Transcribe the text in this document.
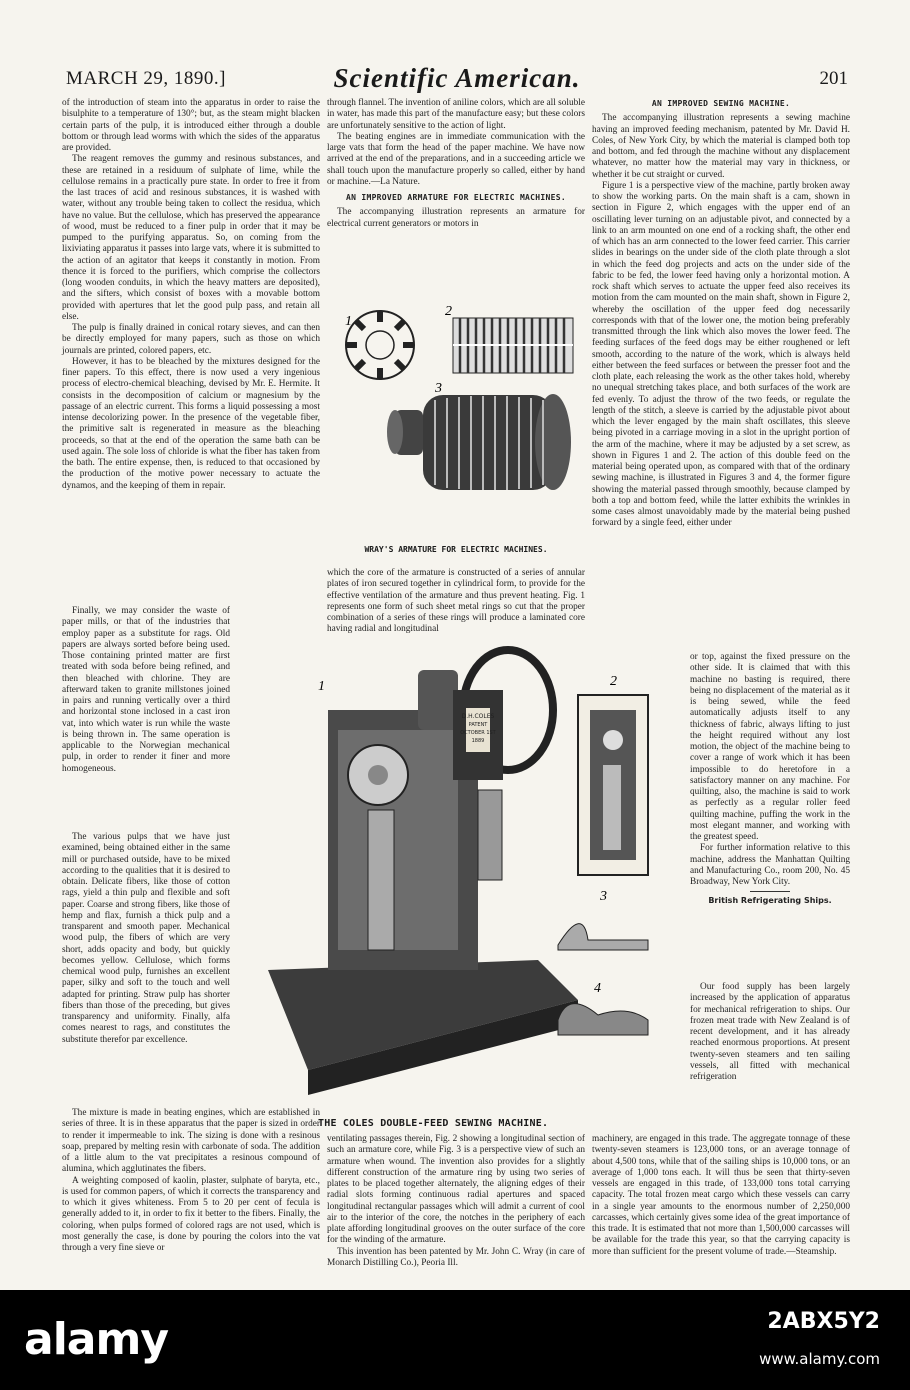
MARCH 29, 1890.]	Scientific American.	201

of the introduction of steam into the apparatus in order to raise the bisulphite to a temperature of 130°; but, as the steam might blacken certain parts of the pulp, it is introduced either through a double bottom or through lead worms with which the sides of the apparatus are provided.

The reagent removes the gummy and resinous substances, and these are retained in a residuum of sulphate of lime, while the cellulose remains in a practically pure state. In order to free it from the last traces of acid and resinous substances, it is washed with water, without any trouble being taken to collect the residua, which have no value. But the cellulose, which has preserved the appearance of wood, must be reduced to a finer pulp in order that it may be pumped to the purifying apparatus. So, on coming from the lixiviating apparatus it passes into large vats, where it is submitted to the action of an agitator that keeps it constantly in motion. From thence it is forced to the purifiers, which comprise the collectors (long wooden conduits, in which the heavy matters are deposited), and the sifters, which consist of boxes with a movable bottom provided with apertures that let the good pulp pass, and retain all else.

The pulp is finally drained in conical rotary sieves, and can then be directly employed for many papers, such as those on which journals are printed, colored papers, etc.

However, it has to be bleached by the mixtures designed for the finer papers. To this effect, there is now used a very ingenious process of electro-chemical bleaching, devised by Mr. E. Hermite. It consists in the decomposition of calcium or magnesium by the passage of an electric current. This forms a liquid possessing a most intense decolorizing power. In the presence of the vegetable fiber, the primitive salt is regenerated in measure as the bleaching proceeds, so that at the end of the operation the same bath can be used again. The sole loss of chloride is what the fiber has taken from the bath. The entire expense, then, is reduced to that occasioned by the production of the motive power necessary to actuate the dynamos, and the keeping of them in repair.

Finally, we may consider the waste of paper mills, or that of the industries that employ paper as a substitute for rags. Old papers are always sorted before being used. Those containing printed matter are first treated with soda before being refined, and then bleached with chlorine. They are afterward taken to granite millstones joined in pairs and running vertically over a third and horizontal stone inclosed in a cast iron vat, into which water is run while the waste is being thrown in. The same operation is applicable to the Norwegian mechanical pulp, in order to render it finer and more homogeneous.

The various pulps that we have just examined, being obtained either in the same mill or purchased outside, have to be mixed according to the qualities that it is desired to obtain. Delicate fibers, like those of cotton rags, yield a thin pulp and flexible and soft paper. Coarse and strong fibers, like those of hemp and flax, furnish a thick pulp and a transparent and smooth paper. Mechanical wood pulp, the fibers of which are very short, adds opacity and body, but quickly becomes yellow. Cellulose, which forms chemical wood pulp, furnishes an excellent paper, silky and soft to the touch and well adapted for printing. Straw pulp has shorter fibers than those of the preceding, but gives transparency and uniformity. Finally, alfa comes nearest to rags, and constitutes the substitute therefor par excellence.

The mixture is made in beating engines, which are established in series of three. It is in these apparatus that the paper is sized in order to render it impermeable to ink. The sizing is done with a resinous soap, prepared by melting resin with carbonate of soda. The addition of a little alum to the vat precipitates a resinous compound of alumina, which agglutinates the fibers.

A weighting composed of kaolin, plaster, sulphate of baryta, etc., is used for common papers, of which it corrects the transparency and to which it gives whiteness. From 5 to 20 per cent of fecula is generally added to it, in order to fix it better to the fibers. Finally, the coloring, when pulps formed of colored rags are not used, which is most generally the case, is done by pouring the colors into the vat through a very fine sieve or

through flannel. The invention of aniline colors, which are all soluble in water, has made this part of the manufacture easy; but these colors are unfortunately sensitive to the action of light.

The beating engines are in immediate communication with the large vats that form the head of the paper machine. We have now arrived at the end of the preparations, and in a succeeding article we shall touch upon the manufacture properly so called, either by hand or machine.—La Nature.

AN IMPROVED ARMATURE FOR ELECTRIC MACHINES.

The accompanying illustration represents an armature for electrical current generators or motors in

1
2
3
WRAY'S ARMATURE FOR ELECTRIC MACHINES.

which the core of the armature is constructed of a series of annular plates of iron secured together in cylindrical form, to provide for the effective ventilation of the armature and thus prevent heating. Fig. 1 represents one form of such sheet metal rings so cut that the proper combination of a series of these rings will produce a laminated core having radial and longitudinal

D.H.COLES
PATENT
OCTOBER 1ST
1889
1	2
3
4
THE COLES DOUBLE-FEED SEWING MACHINE.

ventilating passages therein, Fig. 2 showing a longitudinal section of such an armature core, while Fig. 3 is a perspective view of such an armature when wound. The invention also provides for a slightly different construction of the armature ring by using two series of plates to be placed together alternately, the aligning edges of their radial slots forming continuous radial apertures and spaced longitudinal rectangular passages which will admit a current of cool air to the interior of the core, the notches in the periphery of each plate affording longitudinal grooves on the outer surface of the core for the winding of the armature.

This invention has been patented by Mr. John C. Wray (in care of Monarch Distilling Co.), Peoria Ill.

AN IMPROVED SEWING MACHINE.

The accompanying illustration represents a sewing machine having an improved feeding mechanism, patented by Mr. David H. Coles, of New York City, by which the material is clamped both top and bottom, and fed through the machine without any displacement whatever, no matter how the material may vary in thickness, or whether it be cut straight or curved.

Figure 1 is a perspective view of the machine, partly broken away to show the working parts. On the main shaft is a cam, shown in section in Figure 2, which engages with the upper end of an oscillating lever turning on an adjustable pivot, and connected by a link to an arm mounted on one end of a rocking shaft, the other end of which has an arm connected to the lower feed carrier. This carrier slides in bearings on the under side of the cloth plate through a slot in which the feed dog projects and acts on the under side of the fabric to be fed, the lower feed having only a horizontal motion. A rock shaft which serves to actuate the upper feed also receives its motion from the cam mounted on the main shaft, shown in Figure 2, whereby the oscillation of the upper feed dog necessarily corresponds with that of the lower one, the motion being preferably transmitted through the link which also moves the lower feed. The feeding surfaces of the feed dogs may be either roughened or left smooth, according to the nature of the work, which is always held either between the feed surfaces or between the presser foot and the cloth plate, each releasing the work as the other takes hold, whereby no unequal stretching takes place, and both surfaces of the work are fed evenly. To adjust the throw of the two feeds, or regulate the length of the stitch, a sleeve is carried by the adjustable pivot about which the lever engaged by the main shaft oscillates, this sleeve being pivoted in a carriage moving in a slot in the upright portion of the arm of the machine, where it may be adjusted by a set screw, as shown in Figures 1 and 2. The action of this double feed on the material being operated upon, as compared with that of the ordinary sewing machine, is illustrated in Figures 3 and 4, the former figure showing the material passed through smoothly, because clamped by both a top and bottom feed, while the latter exhibits the wrinkles in some cases almost unavoidably made by the material being pushed forward by a single feed, either under

or top, against the fixed pressure on the other side. It is claimed that with this machine no basting is required, there being no displacement of the material as it is being sewed, while the feed automatically adjusts itself to any thickness of fabric, always lifting to just the height required without any lost motion, the object of the machine being to cover a range of work which it has been impossible to do heretofore in a satisfactory manner on any machine. For quilting, also, the machine is said to work as perfectly as a regular roller feed quilting machine, puffing the work in the most elegant manner, and working with the greatest speed.

For further information relative to this machine, address the Manhattan Quilting and Manufacturing Co., room 200, No. 45 Broadway, New York City.

British Refrigerating Ships.

Our food supply has been largely increased by the application of apparatus for mechanical refrigeration to ships. Our frozen meat trade with New Zealand is of recent development, and it has already reached enormous proportions. At present twenty-seven steamers and ten sailing vessels, all fitted with mechanical refrigeration

machinery, are engaged in this trade. The aggregate tonnage of these twenty-seven steamers is 123,000 tons, or an average tonnage of about 4,500 tons, while that of the sailing ships is 10,000 tons, or an average of 1,000 tons each. It will thus be seen that thirty-seven vessels are engaged in this trade, of 133,000 tons total carrying capacity. The total frozen meat cargo which these vessels can carry in a single year amounts to the enormous number of 2,250,000 carcasses, which certainly gives some idea of the great importance of this trade. It is estimated that not more than 1,500,000 carcasses will be available for the trade this year, so that the carrying capacity is more than sufficient for the present volume of trade.—Steamship.

alamy	2ABX5Y2
www.alamy.com
